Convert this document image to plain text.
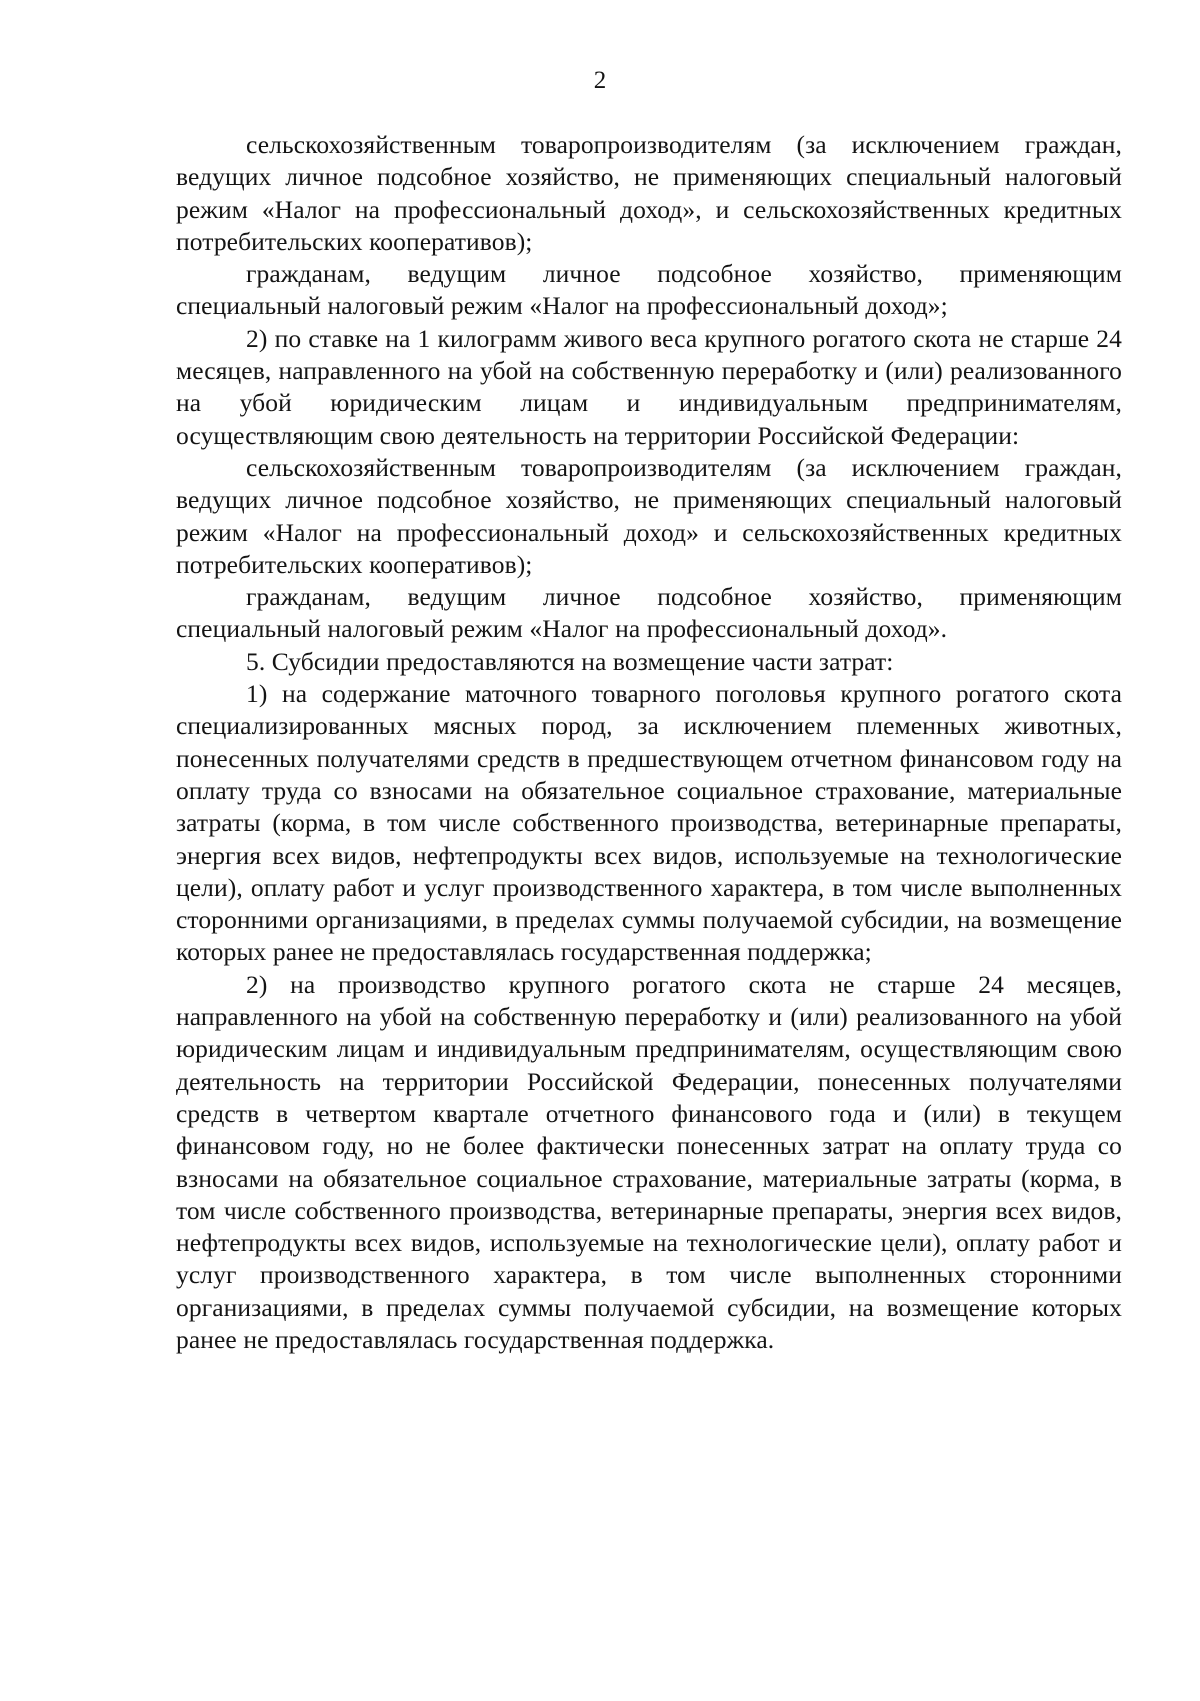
2

сельскохозяйственным товаропроизводителям (за исключением граждан, ведущих личное подсобное хозяйство, не применяющих специальный налоговый режим «Налог на профессиональный доход», и сельскохозяйственных кредитных потребительских кооперативов);

гражданам, ведущим личное подсобное хозяйство, применяющим специальный налоговый режим «Налог на профессиональный доход»;

2) по ставке на 1 килограмм живого веса крупного рогатого скота не старше 24 месяцев, направленного на убой на собственную переработку и (или) реализованного на убой юридическим лицам и индивидуальным предпринимателям, осуществляющим свою деятельность на территории Российской Федерации:

сельскохозяйственным товаропроизводителям (за исключением граждан, ведущих личное подсобное хозяйство, не применяющих специальный налоговый режим «Налог на профессиональный доход» и сельскохозяйственных кредитных потребительских кооперативов);

гражданам, ведущим личное подсобное хозяйство, применяющим специальный налоговый режим «Налог на профессиональный доход».

5. Субсидии предоставляются на возмещение части затрат:

1) на содержание маточного товарного поголовья крупного рогатого скота специализированных мясных пород, за исключением племенных животных, понесенных получателями средств в предшествующем отчетном финансовом году на оплату труда со взносами на обязательное социальное страхование, материальные затраты (корма, в том числе собственного производства, ветеринарные препараты, энергия всех видов, нефтепродукты всех видов, используемые на технологические цели), оплату работ и услуг производственного характера, в том числе выполненных сторонними организациями, в пределах суммы получаемой субсидии, на возмещение которых ранее не предоставлялась государственная поддержка;

2) на производство крупного рогатого скота не старше 24 месяцев, направленного на убой на собственную переработку и (или) реализованного на убой юридическим лицам и индивидуальным предпринимателям, осуществляющим свою деятельность на территории Российской Федерации, понесенных получателями средств в четвертом квартале отчетного финансового года и (или) в текущем финансовом году, но не более фактически понесенных затрат на оплату труда со взносами на обязательное социальное страхование, материальные затраты (корма, в том числе собственного производства, ветеринарные препараты, энергия всех видов, нефтепродукты всех видов, используемые на технологические цели), оплату работ и услуг производственного характера, в том числе выполненных сторонними организациями, в пределах суммы получаемой субсидии, на возмещение которых ранее не предоставлялась государственная поддержка.
